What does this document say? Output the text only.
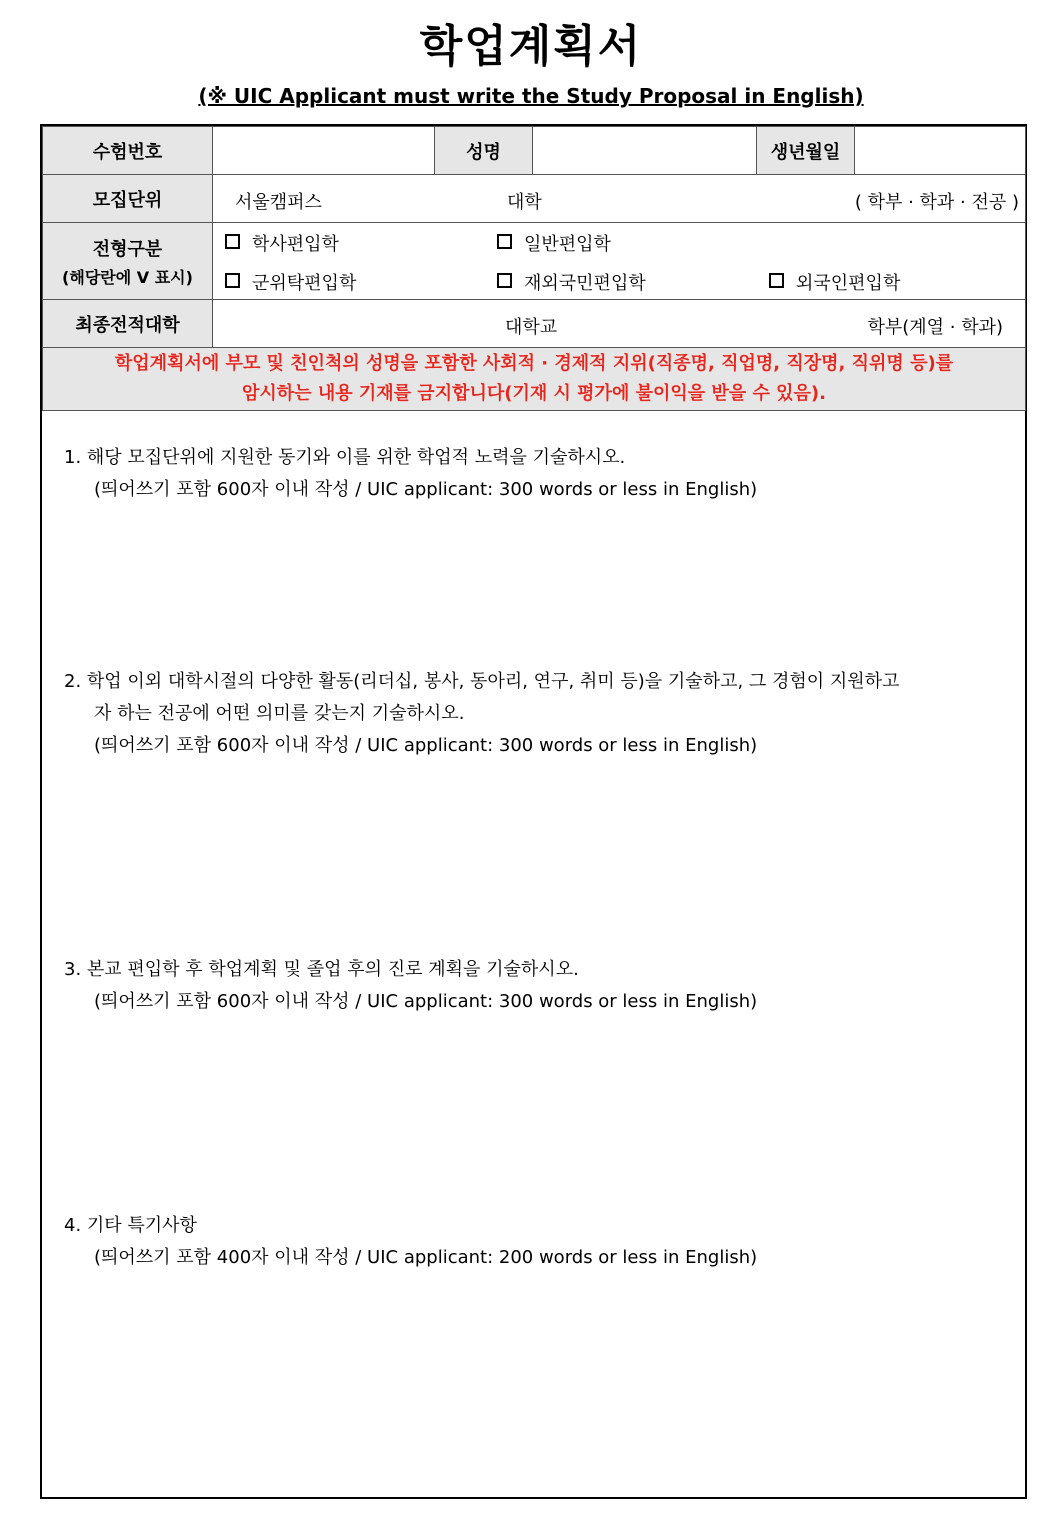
학업계획서
(※ UIC Applicant must write the Study Proposal in English)
수험번호		성명		생년월일	
모집단위	서울캠퍼스 대학 ( 학부 · 학과 · 전공 )				

전형구분
(해당란에 V 표시)	학사편입학 일반편입학
군위탁편입학 재외국민편입학 외국인편입학				

최종전적대학	대학교 학부(계열 · 학과)				

학업계획서에 부모 및 친인척의 성명을 포함한 사회적 · 경제적 지위(직종명, 직업명, 직장명, 직위명 등)를
암시하는 내용 기재를 금지합니다(기재 시 평가에 불이익을 받을 수 있음).					
1. 해당 모집단위에 지원한 동기와 이를 위한 학업적 노력을 기술하시오.
(띄어쓰기 포함 600자 이내 작성 / UIC applicant: 300 words or less in English)
2. 학업 이외 대학시절의 다양한 활동(리더십, 봉사, 동아리, 연구, 취미 등)을 기술하고, 그 경험이 지원하고
자 하는 전공에 어떤 의미를 갖는지 기술하시오.
(띄어쓰기 포함 600자 이내 작성 / UIC applicant: 300 words or less in English)
3. 본교 편입학 후 학업계획 및 졸업 후의 진로 계획을 기술하시오.
(띄어쓰기 포함 600자 이내 작성 / UIC applicant: 300 words or less in English)
4. 기타 특기사항
(띄어쓰기 포함 400자 이내 작성 / UIC applicant: 200 words or less in English)
